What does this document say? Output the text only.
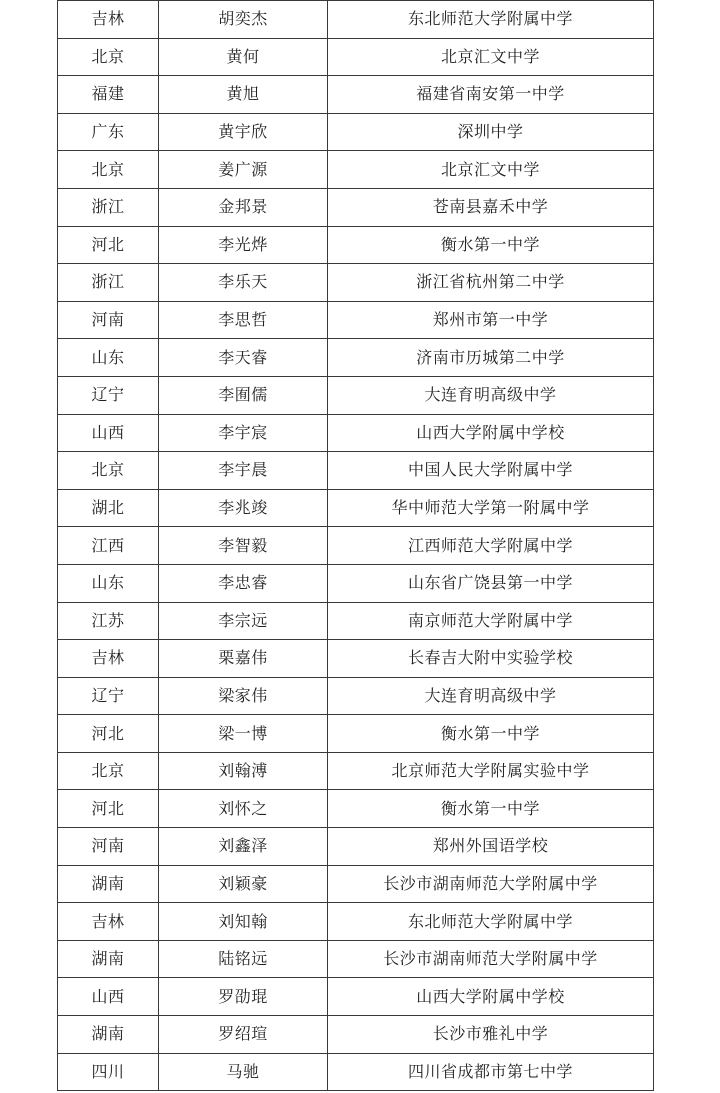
吉林	胡奕杰	东北师范大学附属中学
北京	黄何	北京汇文中学
福建	黄旭	福建省南安第一中学
广东	黄宇欣	深圳中学
北京	姜广源	北京汇文中学
浙江	金邦景	苍南县嘉禾中学
河北	李光烨	衡水第一中学
浙江	李乐天	浙江省杭州第二中学
河南	李思哲	郑州市第一中学
山东	李天睿	济南市历城第二中学
辽宁	李囿儒	大连育明高级中学
山西	李宇宸	山西大学附属中学校
北京	李宇晨	中国人民大学附属中学
湖北	李兆竣	华中师范大学第一附属中学
江西	李智毅	江西师范大学附属中学
山东	李忠睿	山东省广饶县第一中学
江苏	李宗远	南京师范大学附属中学
吉林	栗嘉伟	长春吉大附中实验学校
辽宁	梁家伟	大连育明高级中学
河北	梁一博	衡水第一中学
北京	刘翰溥	北京师范大学附属实验中学
河北	刘怀之	衡水第一中学
河南	刘鑫泽	郑州外国语学校
湖南	刘颖豪	长沙市湖南师范大学附属中学
吉林	刘知翰	东北师范大学附属中学
湖南	陆铭远	长沙市湖南师范大学附属中学
山西	罗劭琨	山西大学附属中学校
湖南	罗绍瑄	长沙市雅礼中学
四川	马驰	四川省成都市第七中学
